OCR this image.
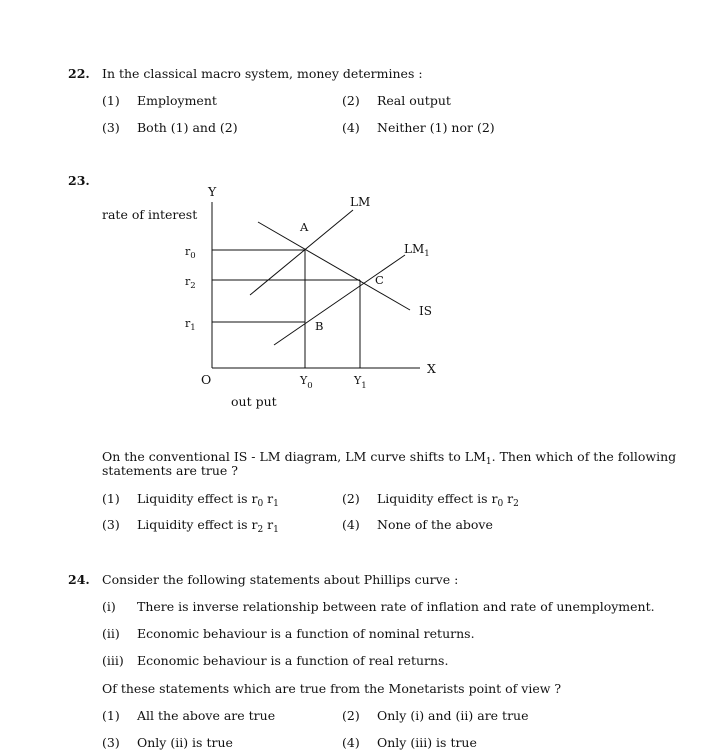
22. In the classical macro system, money determines :
(1) Employment	(2) Real output
(3) Both (1) and (2)	(4) Neither (1) nor (2)
23.
Y
X
rate of interest
out put
O
$r_0$
$r_2$
$r_1$
$Y_0$	$Y_1$
LM
$LM_1$
IS
A
B
C
On the conventional IS - LM diagram, LM curve shifts to $LM_1$. Then which of the following
statements are true ?
(1) Liquidity effect is $r_0$ $r_1$	(2) Liquidity effect is $r_0$ $r_2$
(3) Liquidity effect is $r_2$ $r_1$	(4) None of the above
24. Consider the following statements about Phillips curve :
(i) There is inverse relationship between rate of inflation and rate of unemployment.
(ii) Economic behaviour is a function of nominal returns.
(iii) Economic behaviour is a function of real returns.
Of these statements which are true from the Monetarists point of view ?
(1) All the above are true	(2) Only (i) and (ii) are true
(3) Only (ii) is true	(4) Only (iii) is true
